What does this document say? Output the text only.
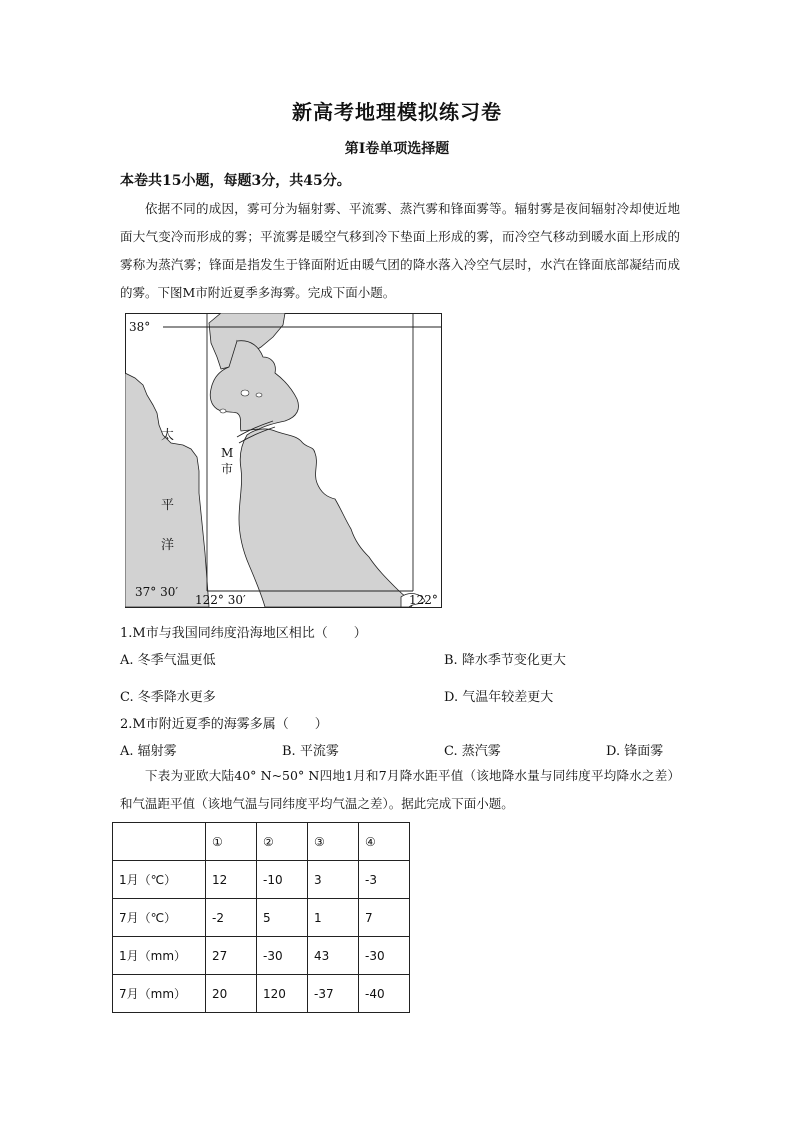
新高考地理模拟练习卷
第I卷单项选择题
本卷共15小题，每题3分，共45分。
依据不同的成因，雾可分为辐射雾、平流雾、蒸汽雾和锋面雾等。辐射雾是夜间辐射冷却使近地面大气变冷而形成的雾；平流雾是暖空气移到冷下垫面上形成的雾，而冷空气移动到暖水面上形成的雾称为蒸汽雾；锋面是指发生于锋面附近由暖气团的降水落入冷空气层时，水汽在锋面底部凝结而成的雾。下图M市附近夏季多海雾。完成下面小题。
38°
37° 30′
122° 30′	122°
太
平
洋
M
市
1.M市与我国同纬度沿海地区相比（　　）
A. 冬季气温更低	B. 降水季节变化更大
C. 冬季降水更多	D. 气温年较差更大
2.M市附近夏季的海雾多属（　　）
A. 辐射雾	B. 平流雾	C. 蒸汽雾	D. 锋面雾
下表为亚欧大陆40° N~50° N四地1月和7月降水距平值（该地降水量与同纬度平均降水之差）和气温距平值（该地气温与同纬度平均气温之差）。据此完成下面小题。
	①	②	③	④
1月（℃）	12	-10	3	-3
7月（℃）	-2	5	1	7
1月（mm）	27	-30	43	-30
7月（mm）	20	120	-37	-40
